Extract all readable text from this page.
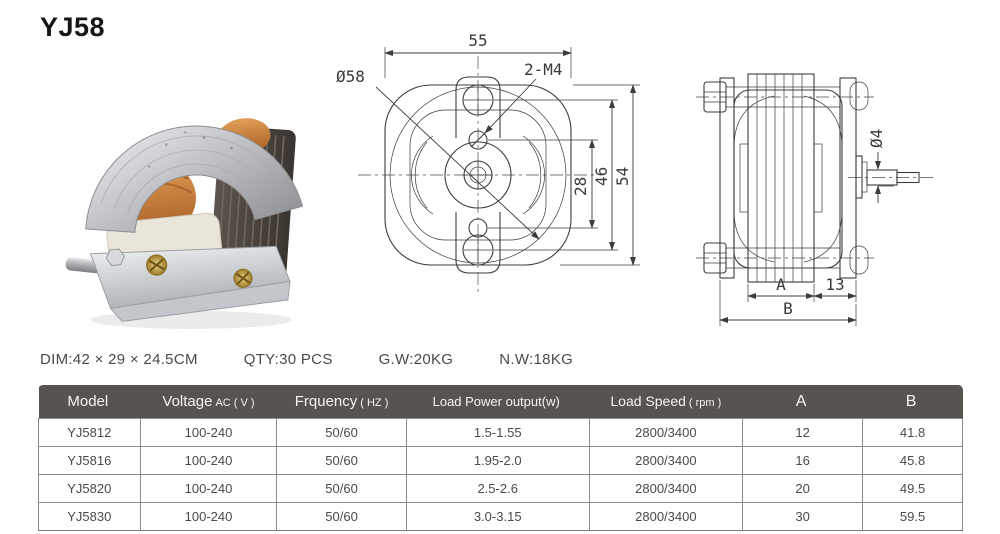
YJ58	55
Ø58	2-M4
28
46 54
Ø4
A 13
B
DIM:42 × 29 × 24.5CM	QTY:30 PCS	G.W:20KG	N.W:18KG
Model	Voltage AC ( V )	Frquency ( HZ )	Load Power output(w)	Load Speed ( rpm )	A	B
YJ5812	100-240	50/60	1.5-1.55	2800/3400	12	41.8
YJ5816	100-240	50/60	1.95-2.0	2800/3400	16	45.8
YJ5820	100-240	50/60	2.5-2.6	2800/3400	20	49.5
YJ5830	100-240	50/60	3.0-3.15	2800/3400	30	59.5
